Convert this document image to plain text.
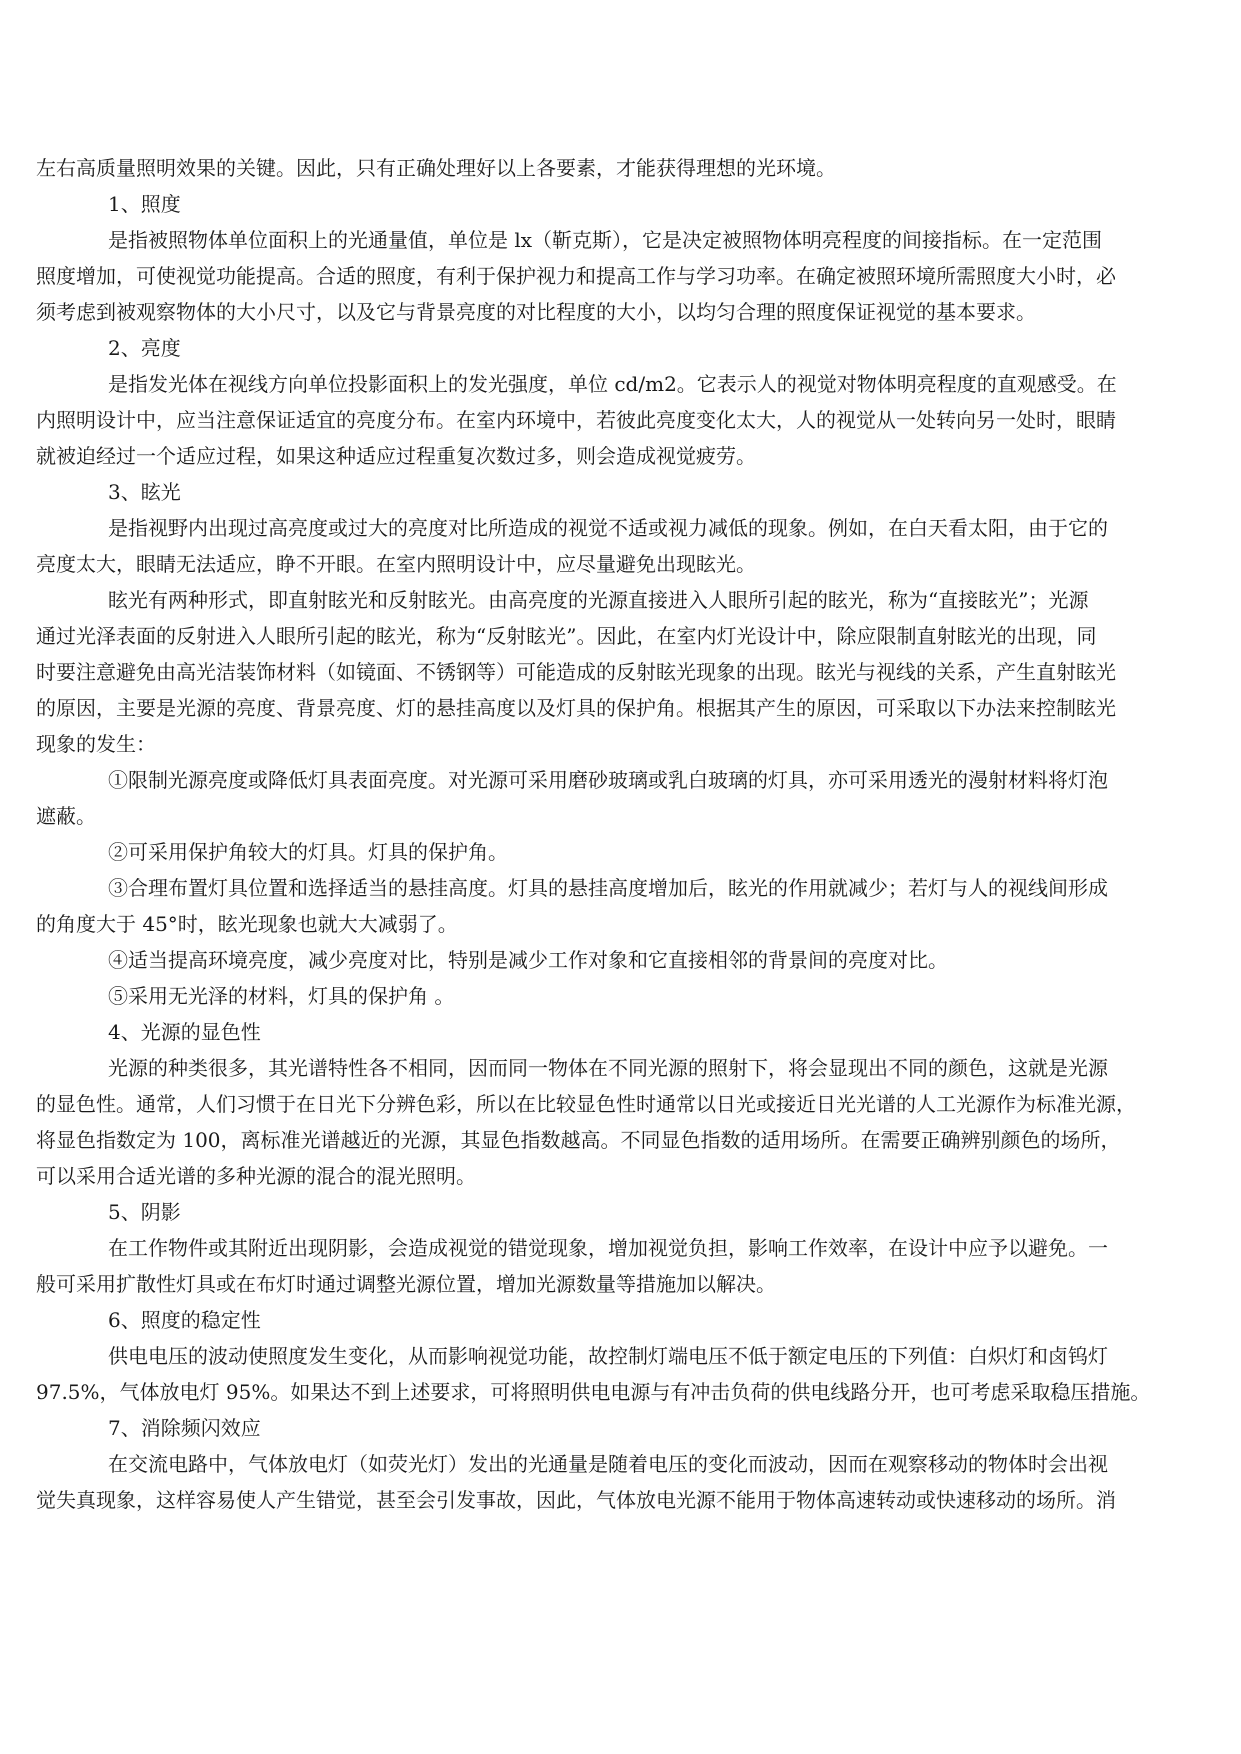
左右高质量照明效果的关键。因此，只有正确处理好以上各要素，才能获得理想的光环境。
1、照度
是指被照物体单位面积上的光通量值，单位是 lx（靳克斯），它是决定被照物体明亮程度的间接指标。在一定范围
照度增加，可使视觉功能提高。合适的照度，有利于保护视力和提高工作与学习功率。在确定被照环境所需照度大小时，必
须考虑到被观察物体的大小尺寸，以及它与背景亮度的对比程度的大小，以均匀合理的照度保证视觉的基本要求。
2、亮度
是指发光体在视线方向单位投影面积上的发光强度，单位 cd/m2。它表示人的视觉对物体明亮程度的直观感受。在
内照明设计中，应当注意保证适宜的亮度分布。在室内环境中，若彼此亮度变化太大，人的视觉从一处转向另一处时，眼睛
就被迫经过一个适应过程，如果这种适应过程重复次数过多，则会造成视觉疲劳。
3、眩光
是指视野内出现过高亮度或过大的亮度对比所造成的视觉不适或视力减低的现象。例如，在白天看太阳，由于它的
亮度太大，眼睛无法适应，睁不开眼。在室内照明设计中，应尽量避免出现眩光。
眩光有两种形式，即直射眩光和反射眩光。由高亮度的光源直接进入人眼所引起的眩光，称为“直接眩光”；光源
通过光泽表面的反射进入人眼所引起的眩光，称为“反射眩光”。因此，在室内灯光设计中，除应限制直射眩光的出现，同
时要注意避免由高光洁装饰材料（如镜面、不锈钢等）可能造成的反射眩光现象的出现。眩光与视线的关系，产生直射眩光
的原因，主要是光源的亮度、背景亮度、灯的悬挂高度以及灯具的保护角。根据其产生的原因，可采取以下办法来控制眩光
现象的发生：
①限制光源亮度或降低灯具表面亮度。对光源可采用磨砂玻璃或乳白玻璃的灯具，亦可采用透光的漫射材料将灯泡
遮蔽。
②可采用保护角较大的灯具。灯具的保护角。
③合理布置灯具位置和选择适当的悬挂高度。灯具的悬挂高度增加后，眩光的作用就减少；若灯与人的视线间形成
的角度大于 45°时，眩光现象也就大大减弱了。
④适当提高环境亮度，减少亮度对比，特别是减少工作对象和它直接相邻的背景间的亮度对比。
⑤采用无光泽的材料，灯具的保护角 。
4、光源的显色性
光源的种类很多，其光谱特性各不相同，因而同一物体在不同光源的照射下，将会显现出不同的颜色，这就是光源
的显色性。通常，人们习惯于在日光下分辨色彩，所以在比较显色性时通常以日光或接近日光光谱的人工光源作为标准光源，
将显色指数定为 100，离标准光谱越近的光源，其显色指数越高。不同显色指数的适用场所。在需要正确辨别颜色的场所，
可以采用合适光谱的多种光源的混合的混光照明。
5、阴影
在工作物件或其附近出现阴影，会造成视觉的错觉现象，增加视觉负担，影响工作效率，在设计中应予以避免。一
般可采用扩散性灯具或在布灯时通过调整光源位置，增加光源数量等措施加以解决。
6、照度的稳定性
供电电压的波动使照度发生变化，从而影响视觉功能，故控制灯端电压不低于额定电压的下列值：白炽灯和卤钨灯
97.5%，气体放电灯 95%。如果达不到上述要求，可将照明供电电源与有冲击负荷的供电线路分开，也可考虑采取稳压措施。
7、消除频闪效应
在交流电路中，气体放电灯（如荧光灯）发出的光通量是随着电压的变化而波动，因而在观察移动的物体时会出视
觉失真现象，这样容易使人产生错觉，甚至会引发事故，因此，气体放电光源不能用于物体高速转动或快速移动的场所。消
